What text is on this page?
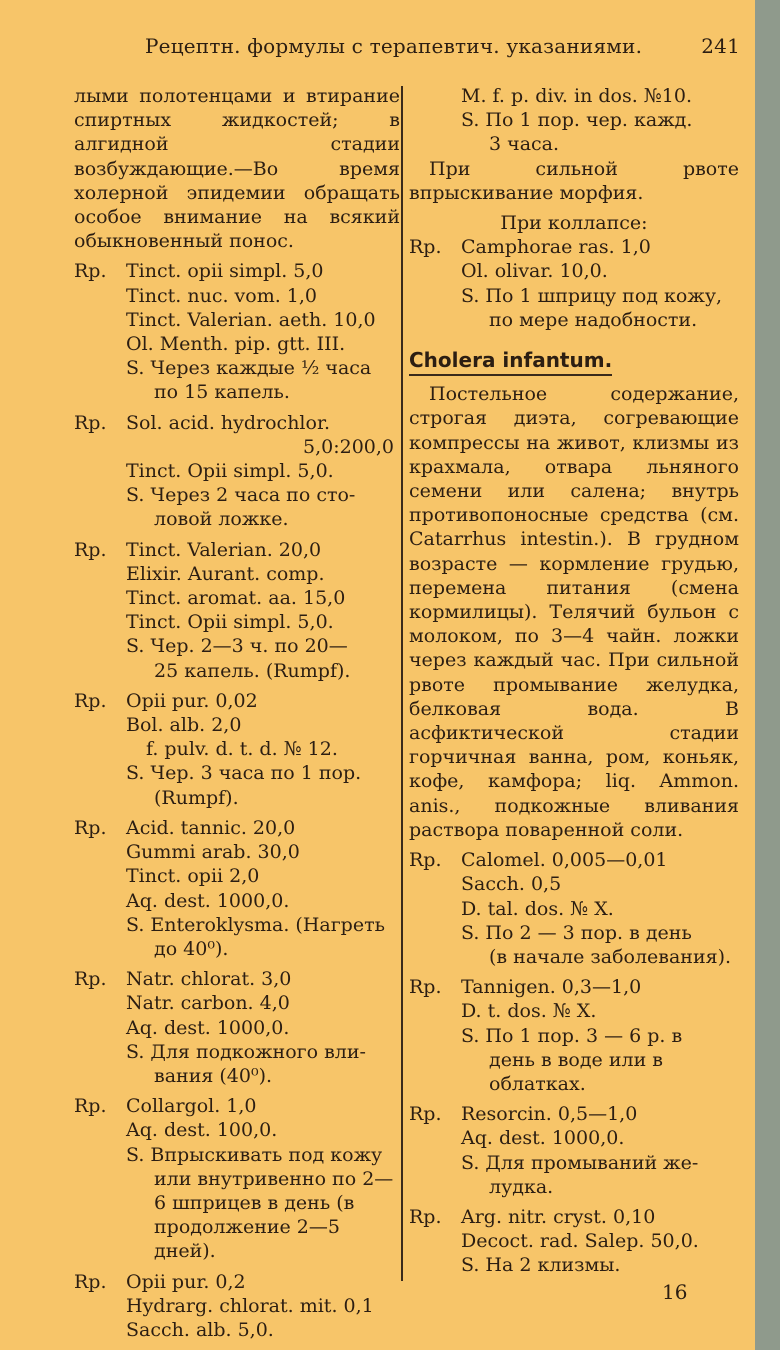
Рецептн. формулы с терапевтич. указаниями.	241
лыми полотенцами и втирание спиртных жидкостей; в алгидной стадии возбуждающие.—Во время холерной эпидемии обращать особое внимание на всякий обыкновенный понос.
Rp.	Tinct. opii simpl. 5,0
Tinct. nuc. vom. 1,0
Tinct. Valerian. aeth. 10,0
Ol. Menth. pip. gtt. III.
S. Через каждые ½ часа
по 15 капель.
Rp.	Sol. acid. hydrochlor.
5,0:200,0
Tinct. Opii simpl. 5,0.
S. Через 2 часа по сто-
ловой ложке.
Rp.	Tinct. Valerian. 20,0
Elixir. Aurant. comp.
Tinct. aromat. aa. 15,0
Tinct. Opii simpl. 5,0.
S. Чер. 2—3 ч. по 20—
25 капель. (Rumpf).
Rp.	Opii pur. 0,02
Bol. alb. 2,0
f. pulv. d. t. d. № 12.
S. Чер. 3 часа по 1 пор.
(Rumpf).
Rp.	Acid. tannic. 20,0
Gummi arab. 30,0
Tinct. opii 2,0
Aq. dest. 1000,0.
S. Enteroklysma. (Нагреть
до 40⁰).
Rp.	Natr. chlorat. 3,0
Natr. carbon. 4,0
Aq. dest. 1000,0.
S. Для подкожного вли-
вания (40⁰).
Rp.	Collargol. 1,0
Aq. dest. 100,0.
S. Впрыскивать под кожу
или внутривенно по 2—6 шприцев в день (в продолжение 2—5 дней).
Rp.	Opii pur. 0,2
Hydrarg. chlorat. mit. 0,1
Sacch. alb. 5,0.
M. f. p. div. in dos. №10.
S. По 1 пор. чер. кажд.
3 часа.
При сильной рвоте впрыскивание морфия.
При коллапсе:
Rp.	Camphorae ras. 1,0
Ol. olivar. 10,0.
S. По 1 шприцу под кожу,
по мере надобности.
Cholera infantum.
Постельное содержание, строгая диэта, согревающие компрессы на живот, клизмы из крахмала, отвара льняного семени или салена; внутрь противопоносные средства (см. Catarrhus intestin.). В грудном возрасте — кормление грудью, перемена питания (смена кормилицы). Телячий бульон с молоком, по 3—4 чайн. ложки через каждый час. При сильной рвоте промывание желудка, белковая вода. В асфиктической стадии горчичная ванна, ром, коньяк, кофе, камфора; liq. Ammon. anis., подкожные вливания раствора поваренной соли.
Rp.	Calomel. 0,005—0,01
Sacch. 0,5
D. tal. dos. № X.
S. По 2 — 3 пор. в день
(в начале заболевания).
Rp.	Tannigen. 0,3—1,0
D. t. dos. № X.
S. По 1 пор. 3 — 6 р. в
день в воде или в облатках.
Rp.	Resorcin. 0,5—1,0
Aq. dest. 1000,0.
S. Для промываний же-
лудка.
Rp.	Arg. nitr. cryst. 0,10
Decoct. rad. Salep. 50,0.
S. На 2 клизмы.
16
